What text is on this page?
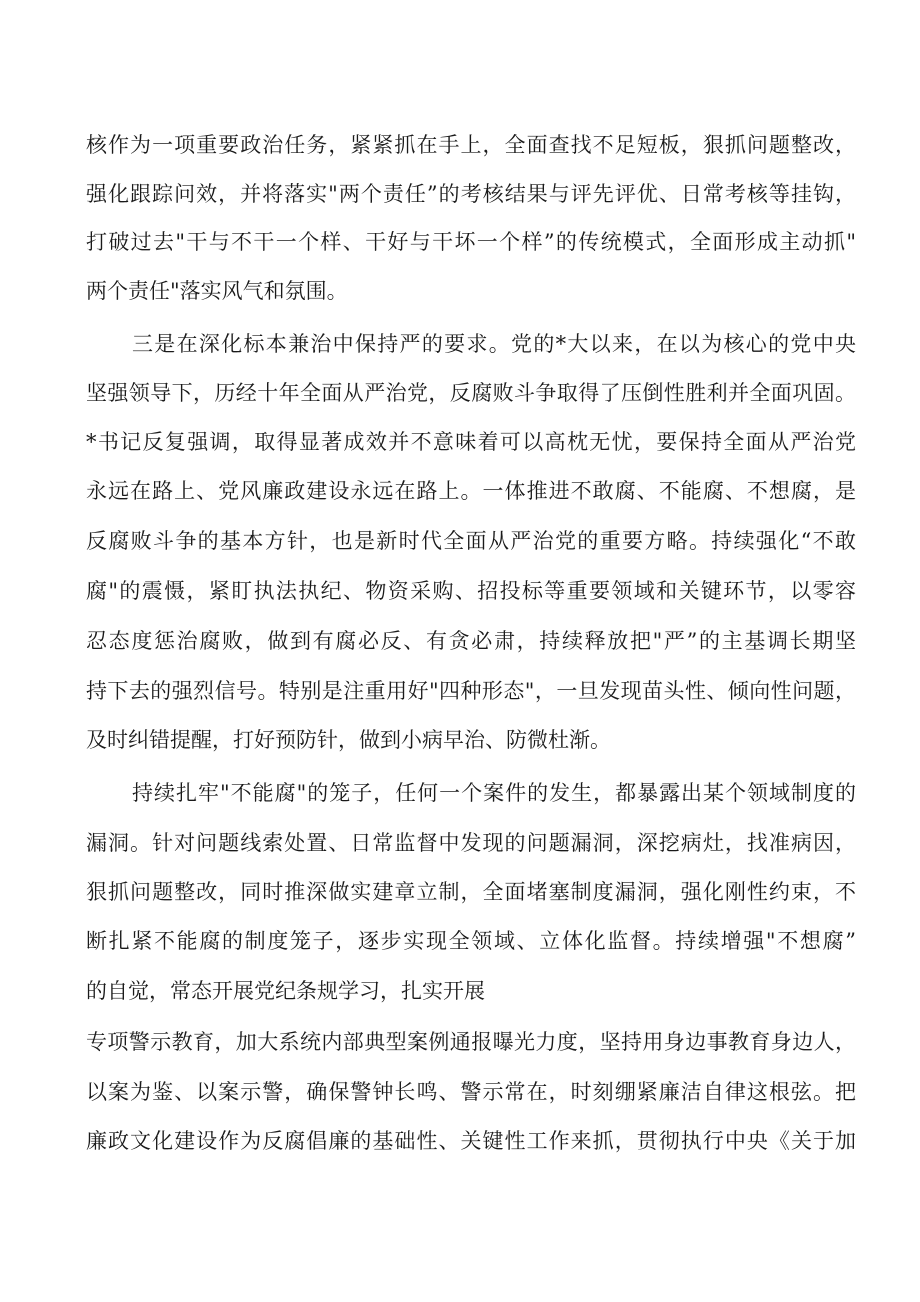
核作为一项重要政治任务，紧紧抓在手上，全面查找不足短板，狠抓问题整改，
强化跟踪问效，并将落实"两个责任”的考核结果与评先评优、日常考核等挂钩，
打破过去"干与不干一个样、干好与干坏一个样”的传统模式，全面形成主动抓"
两个责任"落实风气和氛围。
三是在深化标本兼治中保持严的要求。党的*大以来，在以为核心的党中央
坚强领导下，历经十年全面从严治党，反腐败斗争取得了压倒性胜利并全面巩固。
*书记反复强调，取得显著成效并不意味着可以高枕无忧，要保持全面从严治党
永远在路上、党风廉政建设永远在路上。一体推进不敢腐、不能腐、不想腐，是
反腐败斗争的基本方针，也是新时代全面从严治党的重要方略。持续强化“不敢
腐"的震慑，紧盯执法执纪、物资采购、招投标等重要领域和关键环节，以零容
忍态度惩治腐败，做到有腐必反、有贪必肃，持续释放把"严”的主基调长期坚
持下去的强烈信号。特别是注重用好"四种形态"，一旦发现苗头性、倾向性问题，
及时纠错提醒，打好预防针，做到小病早治、防微杜渐。
持续扎牢"不能腐"的笼子，任何一个案件的发生，都暴露出某个领域制度的
漏洞。针对问题线索处置、日常监督中发现的问题漏洞，深挖病灶，找准病因，
狠抓问题整改，同时推深做实建章立制，全面堵塞制度漏洞，强化刚性约束，不
断扎紧不能腐的制度笼子，逐步实现全领域、立体化监督。持续增强"不想腐”
的自觉，常态开展党纪条规学习，扎实开展
专项警示教育，加大系统内部典型案例通报曝光力度，坚持用身边事教育身边人，
以案为鉴、以案示警，确保警钟长鸣、警示常在，时刻绷紧廉洁自律这根弦。把
廉政文化建设作为反腐倡廉的基础性、关键性工作来抓，贯彻执行中央《关于加
